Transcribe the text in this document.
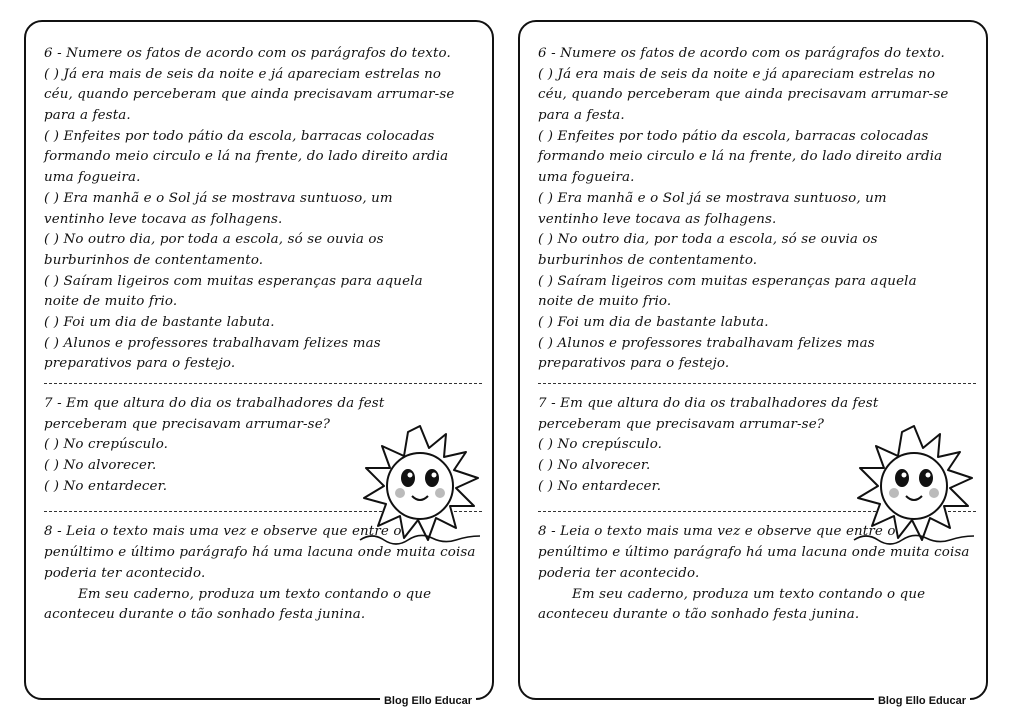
6 - Numere os fatos de acordo com os parágrafos do texto.
( ) Já era mais de seis da noite e já apareciam estrelas no
céu, quando perceberam que ainda precisavam arrumar-se
para a festa.
( ) Enfeites por todo pátio da escola, barracas colocadas
formando meio circulo e lá na frente, do lado direito ardia
uma fogueira.
( ) Era manhã e o Sol já se mostrava suntuoso, um
ventinho leve tocava as folhagens.
( ) No outro dia, por toda a escola, só se ouvia os
burburinhos de contentamento.
( ) Saíram ligeiros com muitas esperanças para aquela
noite de muito frio.
( ) Foi um dia de bastante labuta.
( ) Alunos e professores trabalhavam felizes mas
preparativos para o festejo.
7 - Em que altura do dia os trabalhadores da fest
perceberam que precisavam arrumar-se?
( ) No crepúsculo.
( ) No alvorecer.
( ) No entardecer.
8 - Leia o texto mais uma vez e observe que entre o
penúltimo e último parágrafo há uma lacuna onde muita coisa
poderia ter acontecido.
Em seu caderno, produza um texto contando o que
aconteceu durante o tão sonhado festa junina.
Blog Ello Educar
6 - Numere os fatos de acordo com os parágrafos do texto.
( ) Já era mais de seis da noite e já apareciam estrelas no
céu, quando perceberam que ainda precisavam arrumar-se
para a festa.
( ) Enfeites por todo pátio da escola, barracas colocadas
formando meio circulo e lá na frente, do lado direito ardia
uma fogueira.
( ) Era manhã e o Sol já se mostrava suntuoso, um
ventinho leve tocava as folhagens.
( ) No outro dia, por toda a escola, só se ouvia os
burburinhos de contentamento.
( ) Saíram ligeiros com muitas esperanças para aquela
noite de muito frio.
( ) Foi um dia de bastante labuta.
( ) Alunos e professores trabalhavam felizes mas
preparativos para o festejo.
7 - Em que altura do dia os trabalhadores da fest
perceberam que precisavam arrumar-se?
( ) No crepúsculo.
( ) No alvorecer.
( ) No entardecer.
8 - Leia o texto mais uma vez e observe que entre o
penúltimo e último parágrafo há uma lacuna onde muita coisa
poderia ter acontecido.
Em seu caderno, produza um texto contando o que
aconteceu durante o tão sonhado festa junina.
Blog Ello Educar
